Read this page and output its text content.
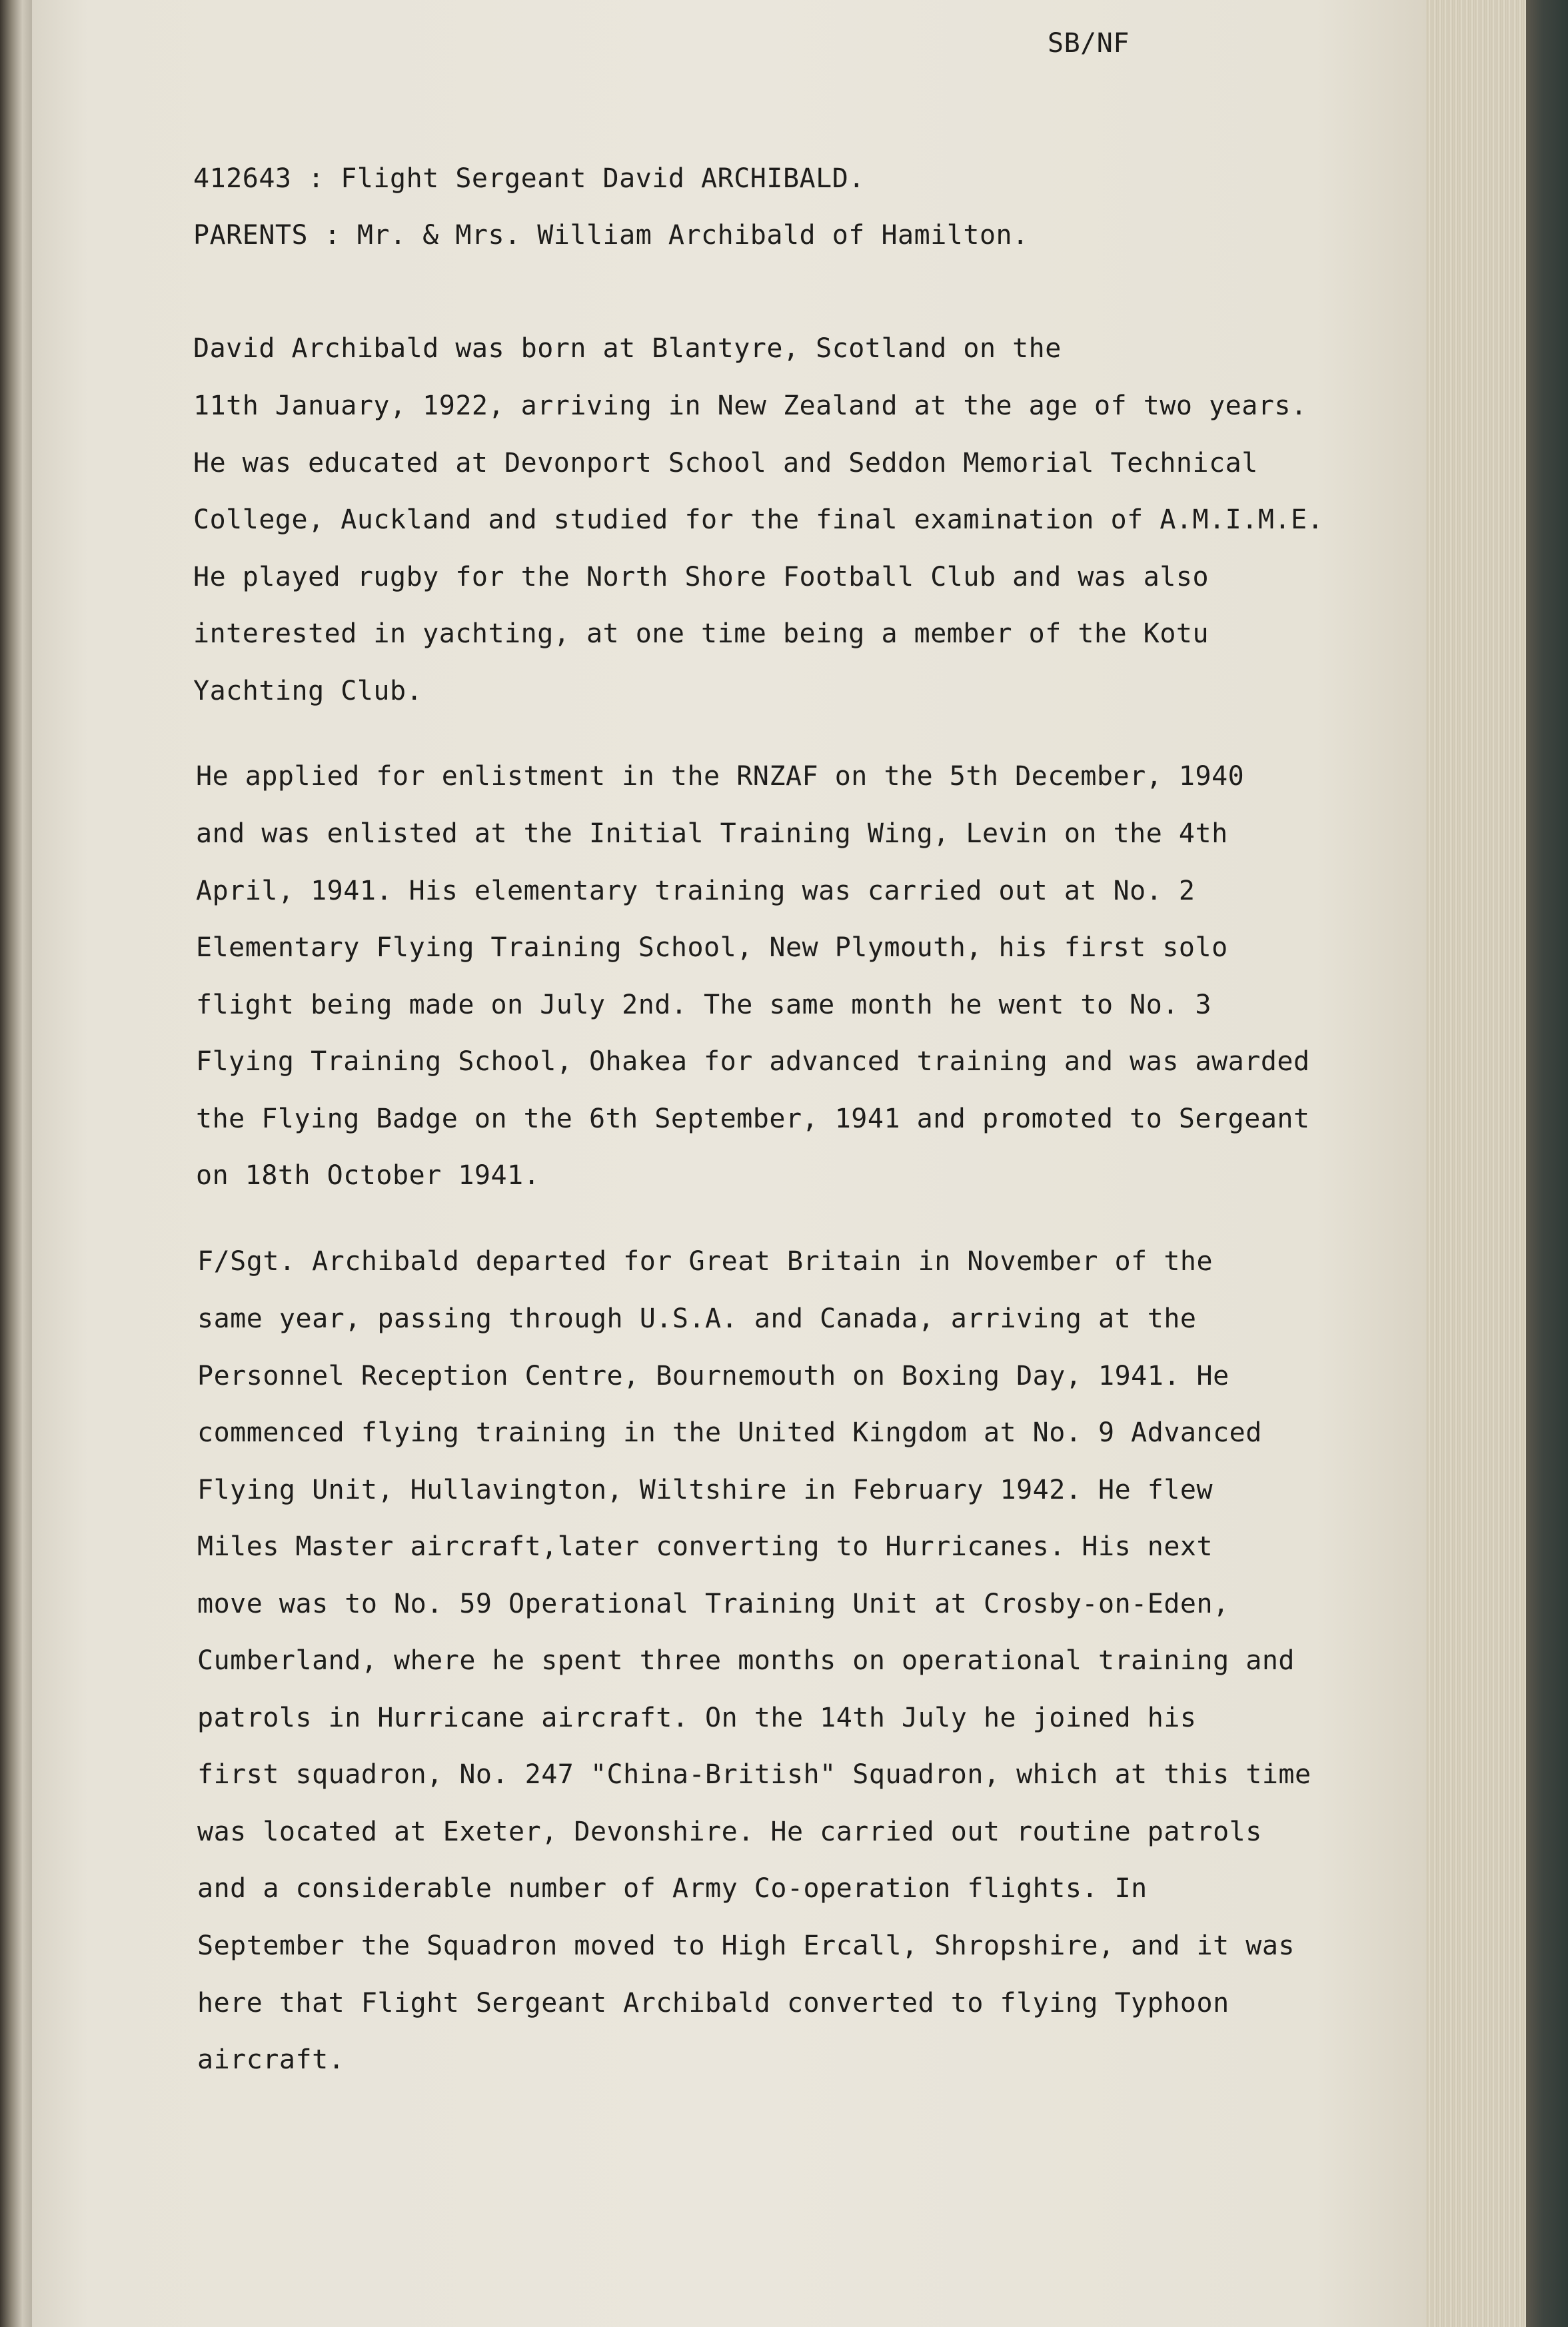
SB/NF
412643 : Flight Sergeant David ARCHIBALD.
PARENTS : Mr. & Mrs. William Archibald of Hamilton.
David Archibald was born at Blantyre, Scotland on the
11th January, 1922, arriving in New Zealand at the age of two years.
He was educated at Devonport School and Seddon Memorial Technical
College, Auckland and studied for the final examination of A.M.I.M.E.
He played rugby for the North Shore Football Club and was also
interested in yachting, at one time being a member of the Kotu
Yachting Club.
He applied for enlistment in the RNZAF on the 5th December, 1940
and was enlisted at the Initial Training Wing, Levin on the 4th
April, 1941. His elementary training was carried out at No. 2
Elementary Flying Training School, New Plymouth, his first solo
flight being made on July 2nd. The same month he went to No. 3
Flying Training School, Ohakea for advanced training and was awarded
the Flying Badge on the 6th September, 1941 and promoted to Sergeant
on 18th October 1941.
F/Sgt. Archibald departed for Great Britain in November of the
same year, passing through U.S.A. and Canada, arriving at the
Personnel Reception Centre, Bournemouth on Boxing Day, 1941. He
commenced flying training in the United Kingdom at No. 9 Advanced
Flying Unit, Hullavington, Wiltshire in February 1942. He flew
Miles Master aircraft,later converting to Hurricanes. His next
move was to No. 59 Operational Training Unit at Crosby-on-Eden,
Cumberland, where he spent three months on operational training and
patrols in Hurricane aircraft. On the 14th July he joined his
first squadron, No. 247 "China-British" Squadron, which at this time
was located at Exeter, Devonshire. He carried out routine patrols
and a considerable number of Army Co-operation flights. In
September the Squadron moved to High Ercall, Shropshire, and it was
here that Flight Sergeant Archibald converted to flying Typhoon
aircraft.
